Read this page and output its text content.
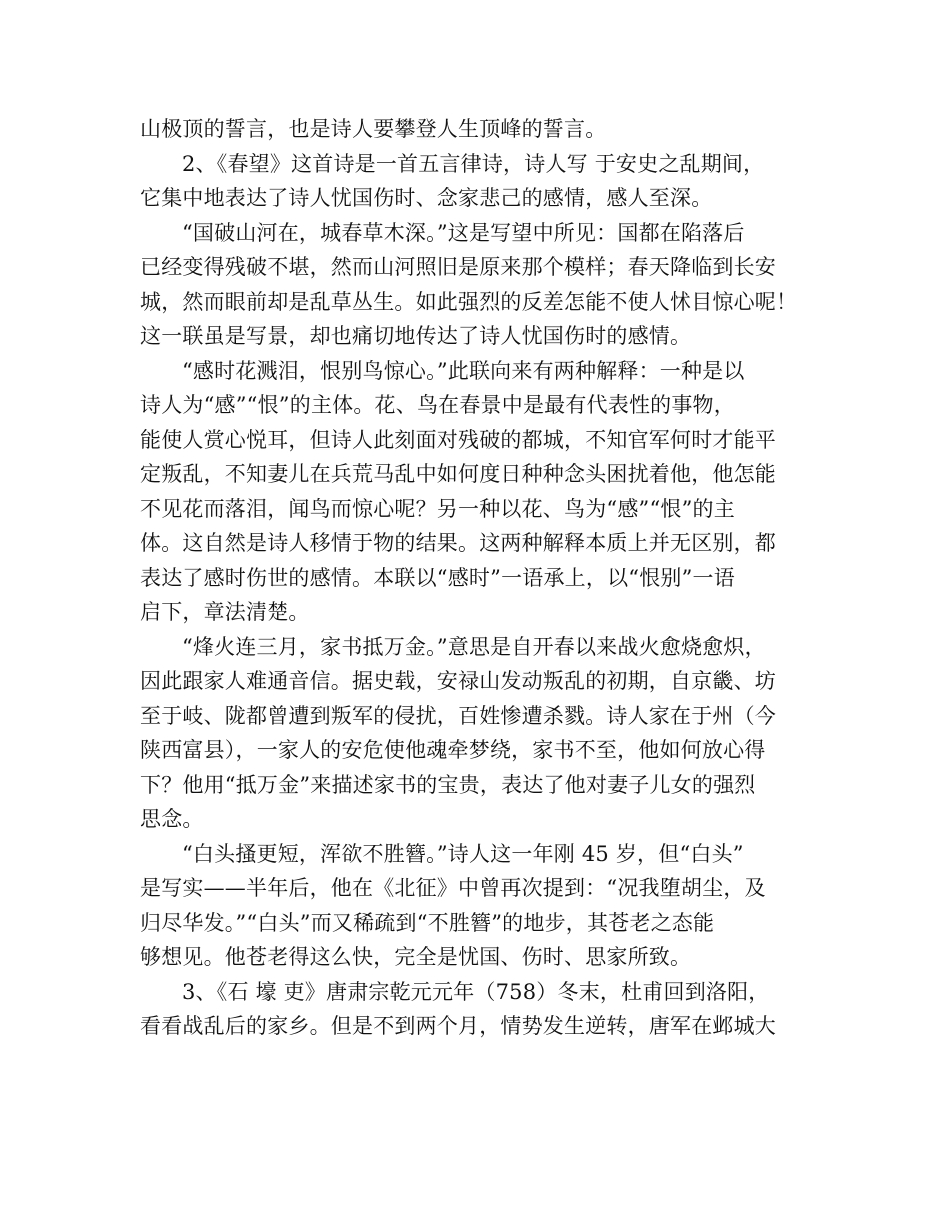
山极顶的誓言，也是诗人要攀登人生顶峰的誓言。
2、《春望》这首诗是一首五言律诗，诗人写 于安史之乱期间，
它集中地表达了诗人忧国伤时、念家悲己的感情，感人至深。
“国破山河在，城春草木深。”这是写望中所见：国都在陷落后
已经变得残破不堪，然而山河照旧是原来那个模样；春天降临到长安
城，然而眼前却是乱草丛生。如此强烈的反差怎能不使人怵目惊心呢！
这一联虽是写景，却也痛切地传达了诗人忧国伤时的感情。
“感时花溅泪，恨别鸟惊心。”此联向来有两种解释：一种是以
诗人为“感”“恨”的主体。花、鸟在春景中是最有代表性的事物，
能使人赏心悦耳，但诗人此刻面对残破的都城，不知官军何时才能平
定叛乱，不知妻儿在兵荒马乱中如何度日种种念头困扰着他，他怎能
不见花而落泪，闻鸟而惊心呢？另一种以花、鸟为“感”“恨”的主
体。这自然是诗人移情于物的结果。这两种解释本质上并无区别，都
表达了感时伤世的感情。本联以“感时”一语承上，以“恨别”一语
启下，章法清楚。
“烽火连三月，家书抵万金。”意思是自开春以来战火愈烧愈炽，
因此跟家人难通音信。据史载，安禄山发动叛乱的初期，自京畿、坊
至于岐、陇都曾遭到叛军的侵扰，百姓惨遭杀戮。诗人家在于州（今
陕西富县），一家人的安危使他魂牵梦绕，家书不至，他如何放心得
下？他用“抵万金”来描述家书的宝贵，表达了他对妻子儿女的强烈
思念。
“白头搔更短，浑欲不胜簪。”诗人这一年刚 45 岁，但“白头”
是写实——半年后，他在《北征》中曾再次提到：“况我堕胡尘，及
归尽华发。”“白头”而又稀疏到“不胜簪”的地步，其苍老之态能
够想见。他苍老得这么快，完全是忧国、伤时、思家所致。
3、《石 壕 吏》唐肃宗乾元元年（758）冬末，杜甫回到洛阳，
看看战乱后的家乡。但是不到两个月，情势发生逆转，唐军在邺城大
